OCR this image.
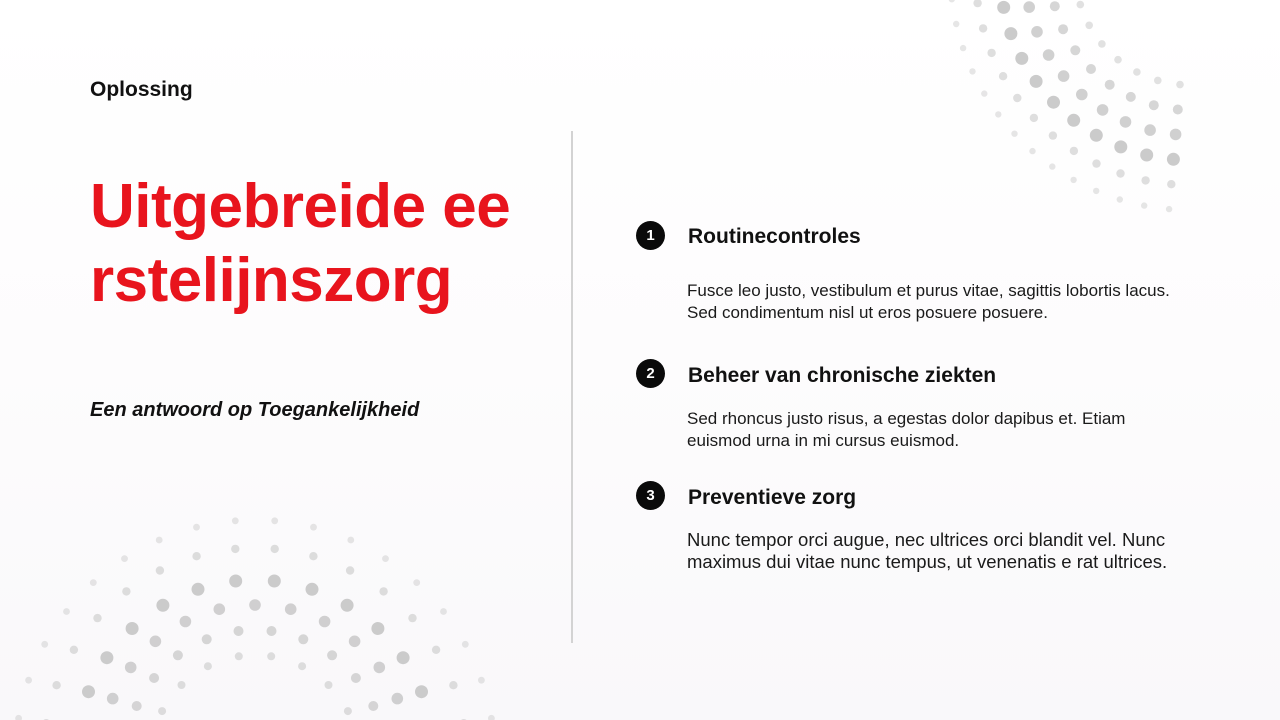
Oplossing
Uitgebreide eerstelijnszorg
Een antwoord op Toegankelijkheid
1	Routinecontroles
Fusce leo justo, vestibulum et purus vitae, sagittis lobortis lacus. Sed condimentum nisl ut eros posuere posuere.
2	Beheer van chronische ziekten
Sed rhoncus justo risus, a egestas dolor dapibus et. Etiam euismod urna in mi cursus euismod.
3	Preventieve zorg
Nunc tempor orci augue, nec ultrices orci blandit vel. Nunc maximus dui vitae nunc tempus, ut venenatis e rat ultrices.
